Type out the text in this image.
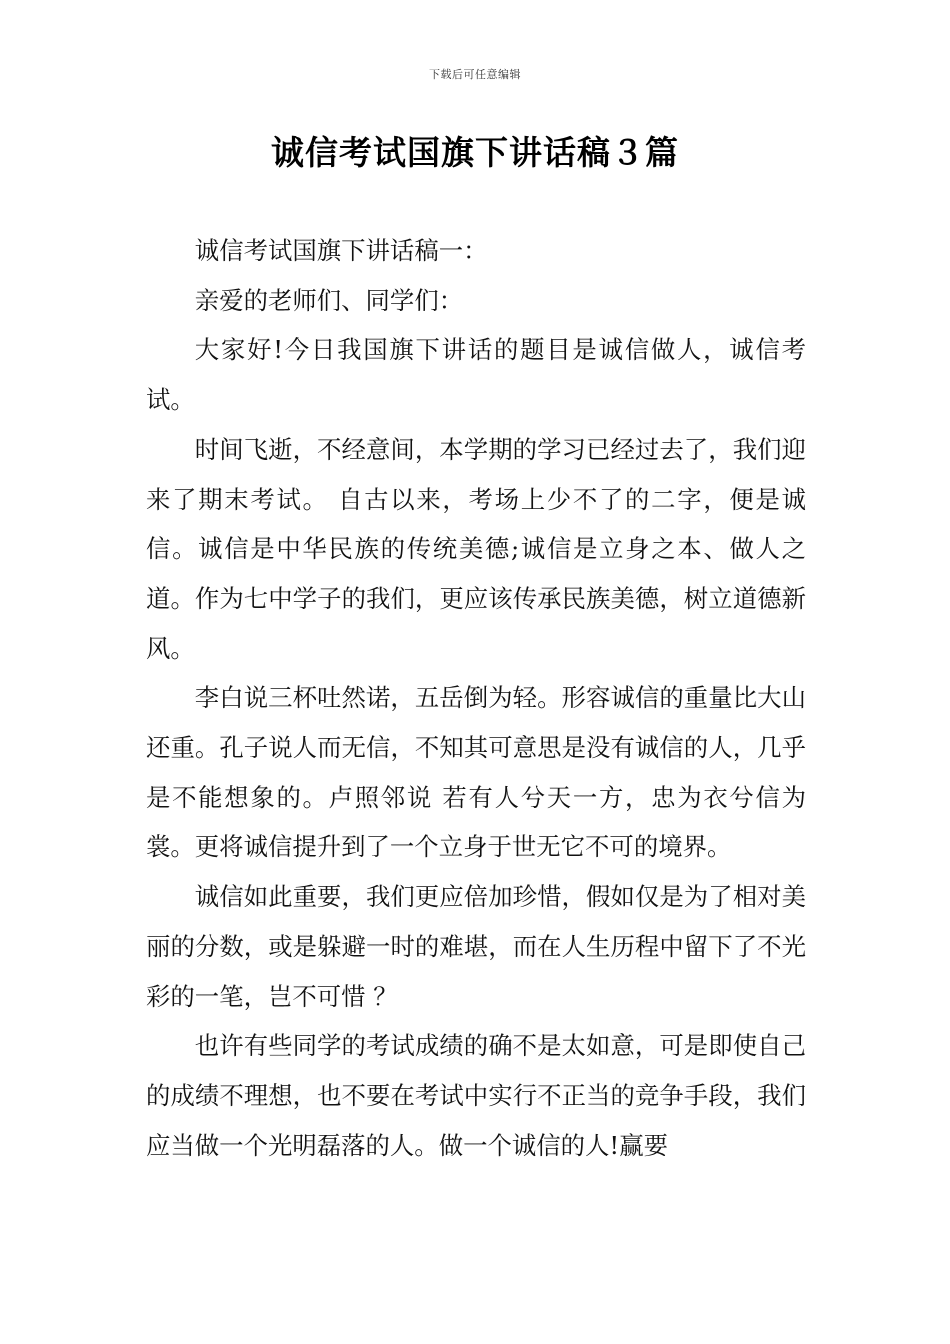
下载后可任意编辑
诚信考试国旗下讲话稿３篇

诚信考试国旗下讲话稿一：

亲爱的老师们、同学们：

大家好!今日我国旗下讲话的题目是诚信做人，诚信考试。

时间飞逝，不经意间，本学期的学习已经过去了，我们迎来了期末考试。 自古以来，考场上少不了的二字，便是诚信。诚信是中华民族的传统美德;诚信是立身之本、做人之道。作为七中学子的我们，更应该传承民族美德，树立道德新风。

李白说三杯吐然诺，五岳倒为轻。形容诚信的重量比大山还重。孔子说人而无信，不知其可意思是没有诚信的人，几乎是不能想象的。卢照邻说 若有人兮天一方，忠为衣兮信为裳。更将诚信提升到了一个立身于世无它不可的境界。

诚信如此重要，我们更应倍加珍惜，假如仅是为了相对美丽的分数，或是躲避一时的难堪，而在人生历程中留下了不光彩的一笔，岂不可惜 ？

也许有些同学的考试成绩的确不是太如意，可是即使自己的成绩不理想，也不要在考试中实行不正当的竞争手段，我们应当做一个光明磊落的人。做一个诚信的人!赢要
